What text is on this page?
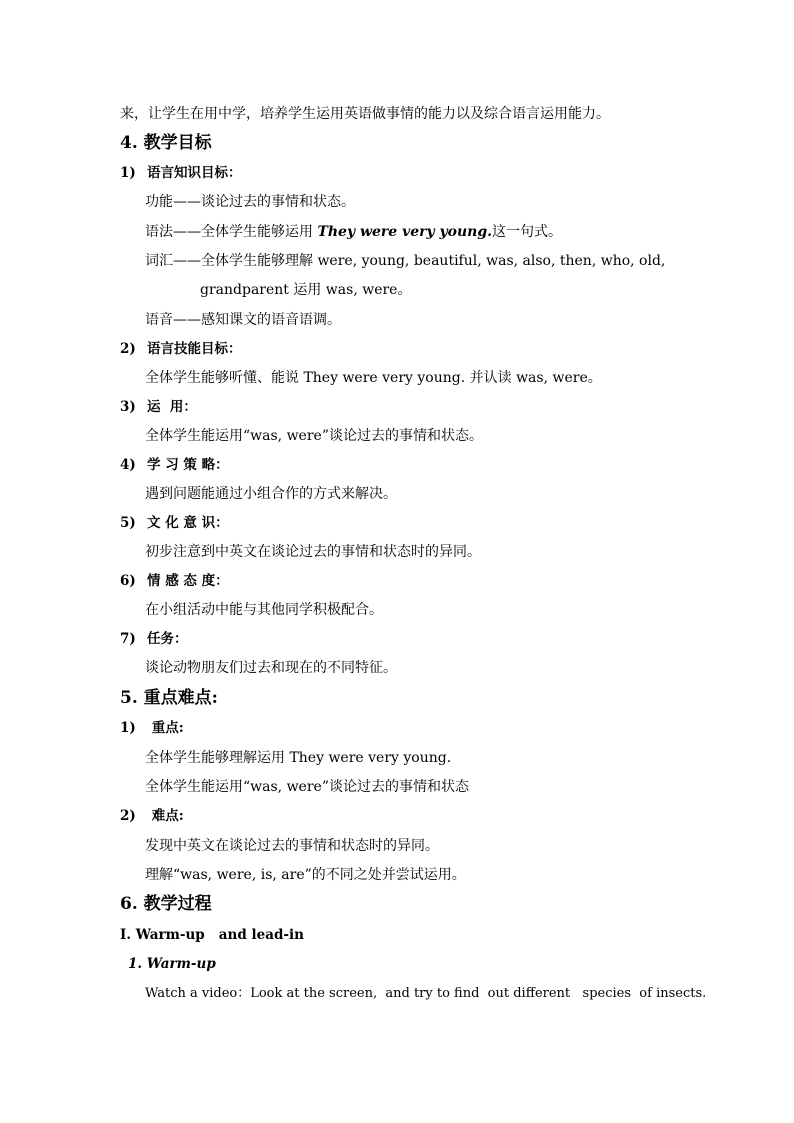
来，让学生在用中学，培养学生运用英语做事情的能力以及综合语言运用能力。
4. 教学目标
1) 语言知识目标：
功能——谈论过去的事情和状态。
语法——全体学生能够运用 They were very young.这一句式。
词汇——全体学生能够理解 were, young, beautiful, was, also, then, who, old,
grandparent 运用 was, were。
语音——感知课文的语音语调。
2) 语言技能目标：
全体学生能够听懂、能说 They were very young. 并认读 was, were。
3) 运  用：
全体学生能运用“was, were”谈论过去的事情和状态。
4) 学 习 策 略：
遇到问题能通过小组合作的方式来解决。
5) 文 化 意 识：
初步注意到中英文在谈论过去的事情和状态时的异同。
6) 情 感 态 度：
在小组活动中能与其他同学积极配合。
7) 任务：
谈论动物朋友们过去和现在的不同特征。
5. 重点难点:
1) 重点:
全体学生能够理解运用 They were very young.
全体学生能运用“was, were”谈论过去的事情和状态
2) 难点:
发现中英文在谈论过去的事情和状态时的异同。
理解“was, were, is, are”的不同之处并尝试运用。
6. 教学过程
I. Warm-up   and lead-in
1. Warm-up
Watch a video：Look at the screen,  and try to find  out different   species  of insects.
